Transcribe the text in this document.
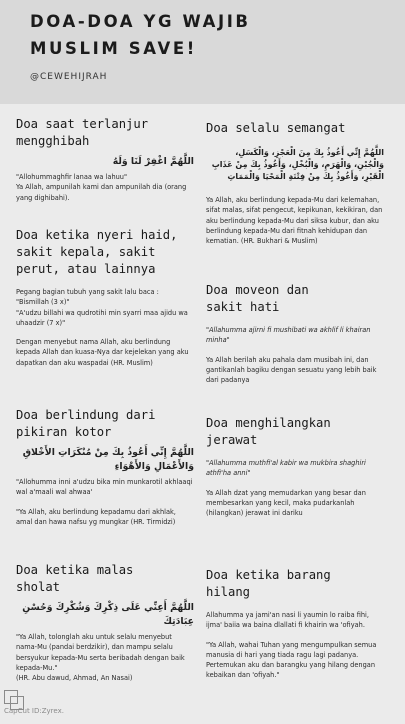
DOA-DOA YG WAJIB
MUSLIM SAVE!
@CEWEHIJRAH

Doa saat terlanjur
mengghibah

اللَّهُمَّ اغْفِرْ لَنَا وَلَهُ

"Allohummaghfir lanaa wa lahuu"

Ya Allah, ampunilah kami dan ampunilah dia (orang yang dighibahi).

Doa ketika nyeri haid,
sakit kepala, sakit
perut, atau lainnya

Pegang bagian tubuh yang sakit lalu baca :

"Bismillah (3 x)"

"A'udzu billahi wa qudrotihi min syarri maa ajidu wa uhaadzir (7 x)"

Dengan menyebut nama Allah, aku berlindung kepada Allah dan kuasa-Nya dar kejelekan yang aku dapatkan dan aku waspadai (HR. Muslim)

Doa berlindung dari
pikiran kotor

اللَّهُمَّ إِنِّي أَعُوذُ بِكَ مِنْ مُنْكَرَاتِ الأَخْلاقِ وَالأَعْمَالِ وَالأَهْوَاءِ

"Allohumma inni a'udzu bika min munkarotil akhlaaqi wal a'maali wal ahwaa'

"Ya Allah, aku berlindung kepadamu dari akhlak, amal dan hawa nafsu yg mungkar (HR. Tirmidzi)

Doa ketika malas
sholat

اللَّهُمَّ أَعِنِّي عَلَى ذِكْرِكَ وَشُكْرِكَ وَحُسْنِ عِبَادَتِكَ

"Ya Allah, tolonglah aku untuk selalu menyebut nama-Mu (pandai berdzikir), dan mampu selalu bersyukur kepada-Mu serta beribadah dengan baik kepada-Mu."

(HR. Abu dawud, Ahmad, An Nasai)

Doa selalu semangat

اللَّهُمَّ إِنِّي أَعُوذُ بِكَ مِنَ الْعَجْزِ، وَالْكَسَلِ، وَالْجُبْنِ، وَالْهَرَمِ، وَالْبُخْلِ، وَأَعُوذُ بِكَ مِنْ عَذَابِ الْقَبْرِ، وَأَعُوذُ بِكَ مِنْ فِتْنَةِ الْمَحْيَا وَالْمَمَاتِ

Ya Allah, aku berlindung kepada-Mu dari kelemahan, sifat malas, sifat pengecut, kepikunan, kekikiran, dan aku berlindung kepada-Mu dari siksa kubur, dan aku berlindung kepada-Mu dari fitnah kehidupan dan kematian. (HR. Bukhari & Muslim)

Doa moveon dan
sakit hati

"Allahumma ajirni fi mushibati wa akhlif li khairan minha"

Ya Allah berilah aku pahala dam musibah ini, dan gantikanlah bagiku dengan sesuatu yang lebih baik dari padanya

Doa menghilangkan
jerawat

"Allahumma muthfi'al kabir wa mukbira shaghiri athfi'ha anni"

Ya Allah dzat yang memudarkan yang besar dan membesarkan yang kecil, maka pudarkanlah (hilangkan) jerawat ini dariku

Doa ketika barang
hilang

Allahumma ya jami'an nasi li yaumin lo raiba fihi, ijma' baiia wa baina dlallati fi khairin wa 'ofiyah.

"Ya Allah, wahai Tuhan yang mengumpulkan semua manusia di hari yang tiada ragu lagi padanya. Pertemukan aku dan barangku yang hilang dengan kebaikan dan 'ofiyah."

CapCut ID:Zyrex.
